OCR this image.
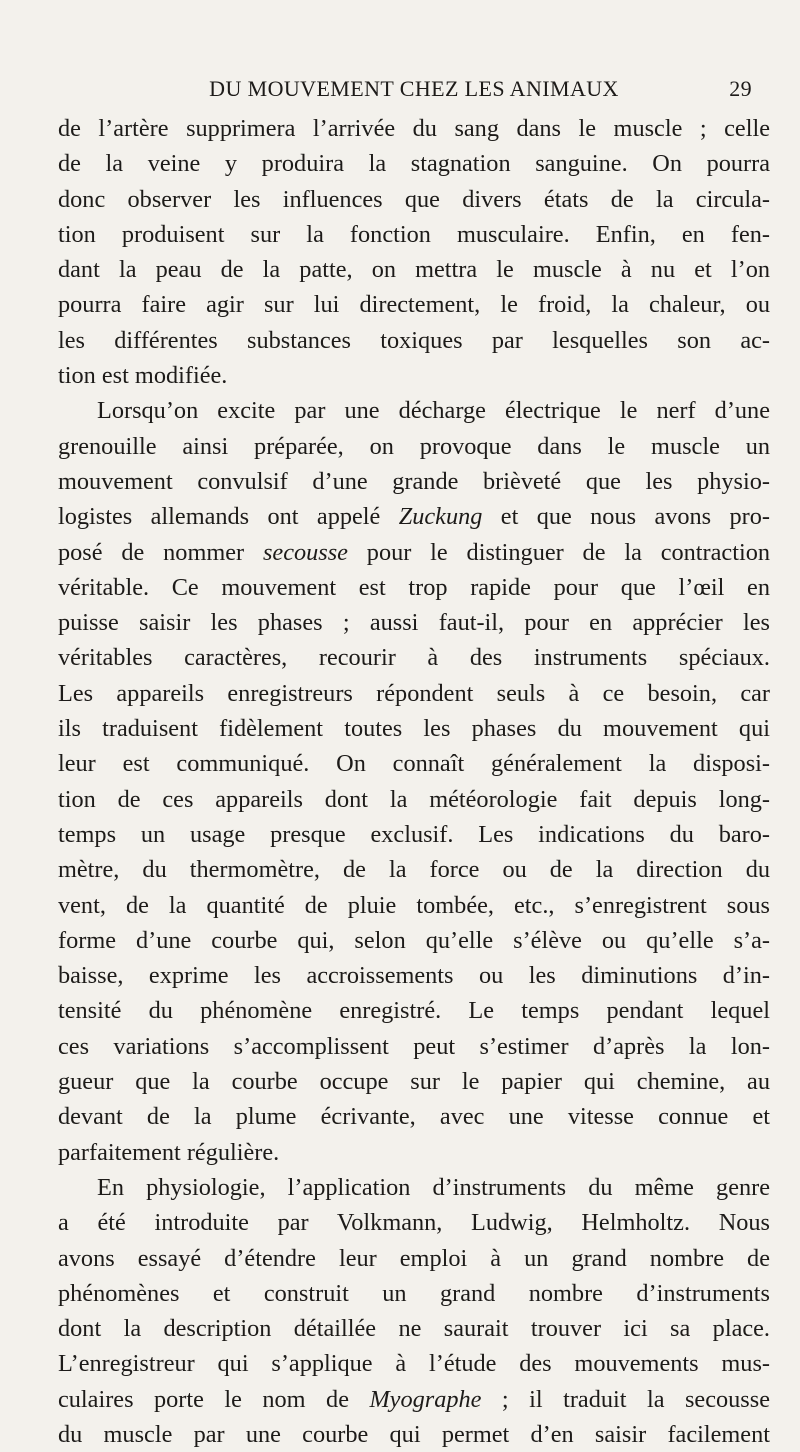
DU MOUVEMENT CHEZ LES ANIMAUX	29
de l’artère supprimera l’arrivée du sang dans le muscle ; celle
de la veine y produira la stagnation sanguine. On pourra
donc observer les influences que divers états de la circula-
tion produisent sur la fonction musculaire. Enfin, en fen-
dant la peau de la patte, on mettra le muscle à nu et l’on
pourra faire agir sur lui directement, le froid, la chaleur, ou
les différentes substances toxiques par lesquelles son ac-
tion est modifiée.
Lorsqu’on excite par une décharge électrique le nerf d’une
grenouille ainsi préparée, on provoque dans le muscle un
mouvement convulsif d’une grande brièveté que les physio-
logistes allemands ont appelé Zuckung et que nous avons pro-
posé de nommer secousse pour le distinguer de la contraction
véritable. Ce mouvement est trop rapide pour que l’œil en
puisse saisir les phases ; aussi faut-il, pour en apprécier les
véritables caractères, recourir à des instruments spéciaux.
Les appareils enregistreurs répondent seuls à ce besoin, car
ils traduisent fidèlement toutes les phases du mouvement qui
leur est communiqué. On connaît généralement la disposi-
tion de ces appareils dont la météorologie fait depuis long-
temps un usage presque exclusif. Les indications du baro-
mètre, du thermomètre, de la force ou de la direction du
vent, de la quantité de pluie tombée, etc., s’enregistrent sous
forme d’une courbe qui, selon qu’elle s’élève ou qu’elle s’a-
baisse, exprime les accroissements ou les diminutions d’in-
tensité du phénomène enregistré. Le temps pendant lequel
ces variations s’accomplissent peut s’estimer d’après la lon-
gueur que la courbe occupe sur le papier qui chemine, au
devant de la plume écrivante, avec une vitesse connue et
parfaitement régulière.
En physiologie, l’application d’instruments du même genre
a été introduite par Volkmann, Ludwig, Helmholtz. Nous
avons essayé d’étendre leur emploi à un grand nombre de
phénomènes et construit un grand nombre d’instruments
dont la description détaillée ne saurait trouver ici sa place.
L’enregistreur qui s’applique à l’étude des mouvements mus-
culaires porte le nom de Myographe ; il traduit la secousse
du muscle par une courbe qui permet d’en saisir facilement
